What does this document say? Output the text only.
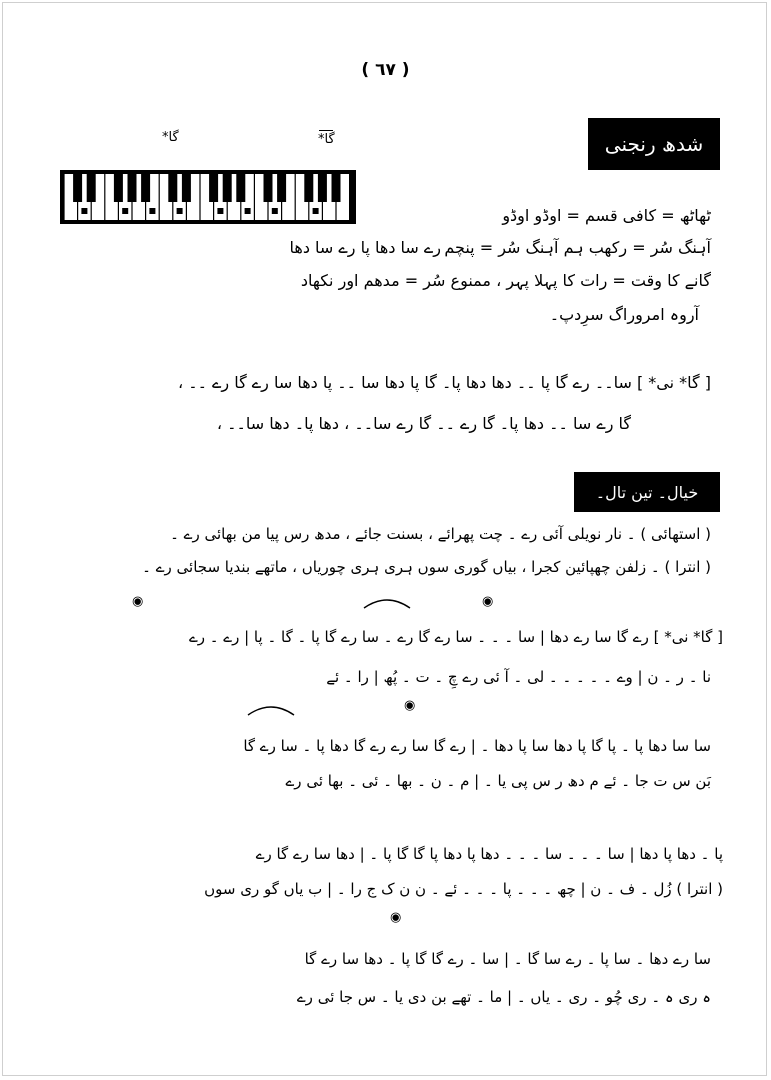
( ٦٧ )
شدھ رنجنی
گا*	گا*
ٹھاٹھ = کافی قسم = اوڈو اوڈو
آہنگ سُر = رکھب ہم آہنگ سُر = پنچم
رے سا دھا پا رے سا دھا
گانے کا وقت = رات کا پہلا پہر ، ممنوع سُر = مدھم اور نکھاد
آروہ امروراگ سرِدپ۔
[ گا* نی* ] سا۔۔ رے گا پا ۔۔ دھا دھا پا۔ گا پا دھا سا ۔۔ پا دھا سا رے گا رے ۔۔ ،
گا رے سا ۔۔ دھا پا۔ گا رے ۔۔ گا رے سا۔۔ ، دھا پا۔ دھا سا۔۔ ،
خیال۔ تین تال۔
( استھائی ) ۔ نار نویلی آئی رے ۔ چت پھرائے ، بسنت جائے ، مدھ رس پیا من بھائی رے ۔
( انترا ) ۔ زلفن چھپائین کجرا ، بیاں گوری سوں ہری ہری چوریاں ، ماتھے بندیا سجائی رے ۔
[ گا* نی* ] رے گا سا رے دھا | سا ۔ ۔ ۔ سا رے گا رے ۔ سا رے گا پا ۔ گا ۔ پا | رے ۔ رے
نا ۔ ر ۔ ن | وے ۔ ۔ ۔ ۔ ۔ لی ۔ آ ئی رے چِ ۔ ت ۔ پُھ | را ۔ ئے
سا سا دھا پا ۔ پا گا پا دھا سا پا دھا ۔ | رے گا سا رے رے گا دھا پا ۔ سا رے گا
بَن س ت جا ۔ ئے م دھ ر س پی یا ۔ | م ۔ ن ۔ بھا ۔ ئی ۔ بھا ئی رے
پا ۔ دھا پا دھا | سا ۔ ۔ ۔ سا ۔ ۔ ۔ دھا پا دھا پا گا گا پا ۔ | دھا سا رے گا رے
( انترا ) زُل ۔ ف ۔ ن | چھ ۔ ۔ ۔ پا ۔ ۔ ۔ ئے ۔ ن ن ک ج را ۔ | ب یاں گو ری سوں
سا رے دھا ۔ سا پا ۔ رے سا گا ۔ | سا ۔ رے گا گا پا ۔ دھا سا رے گا
ہ ری ہ ۔ ری چُو ۔ ری ۔ یاں ۔ | ما ۔ تھے بن دی یا ۔ س جا ئی رے
◉	◉
◉
◉
